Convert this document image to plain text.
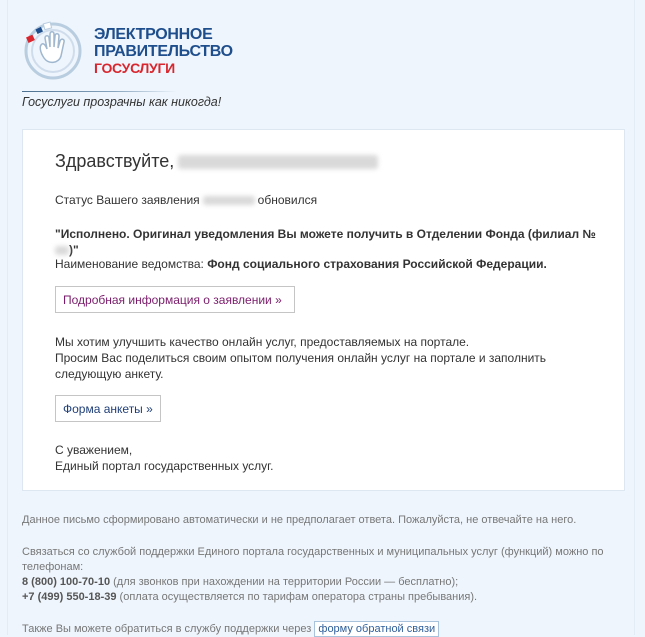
ЭЛЕКТРОННОЕ
ПРАВИТЕЛЬСТВО
ГОСУСЛУГИ
Госуслуги прозрачны как никогда!
Здравствуйте,
Статус Вашего заявления	обновился
"Исполнено. Оригинал уведомления Вы можете получить в Отделении Фонда (филиал №
)"
Наименование ведомства: Фонд социального страхования Российской Федерации.
Подробная информация о заявлении »
Мы хотим улучшить качество онлайн услуг, предоставляемых на портале.
Просим Вас поделиться своим опытом получения онлайн услуг на портале и заполнить следующую анкету.
Форма анкеты »
С уважением,
Единый портал государственных услуг.
Данное письмо сформировано автоматически и не предполагает ответа. Пожалуйста, не отвечайте на него.
Связаться со службой поддержки Единого портала государственных и муниципальных услуг (функций) можно по телефонам:
8 (800) 100-70-10 (для звонков при нахождении на территории России — бесплатно);
+7 (499) 550-18-39 (оплата осуществляется по тарифам оператора страны пребывания).
Также Вы можете обратиться в службу поддержки через форму обратной связи
